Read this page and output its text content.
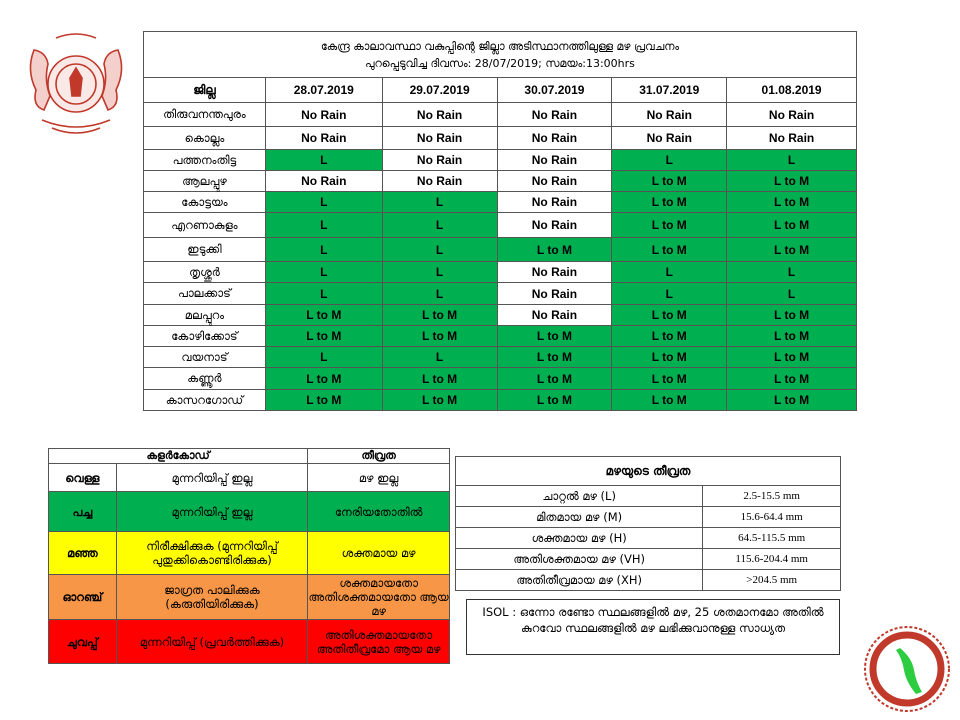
കേന്ദ്ര കാലാവസ്ഥാ വകുപ്പിന്റെ ജില്ലാ അടിസ്ഥാനത്തിലുള്ള മഴ പ്രവചനം
പുറപ്പെടുവിച്ച ദിവസം: 28/07/2019; സമയം:13:00hrs					

ജില്ല	28.07.2019	29.07.2019	30.07.2019	31.07.2019	01.08.2019
തിരുവനന്തപുരം	No Rain	No Rain	No Rain	No Rain	No Rain
കൊല്ലം	No Rain	No Rain	No Rain	No Rain	No Rain
പത്തനംതിട്ട	L	No Rain	No Rain	L	L
ആലപ്പുഴ	No Rain	No Rain	No Rain	L to M	L to M
കോട്ടയം	L	L	No Rain	L to M	L to M
എറണാകുളം	L	L	No Rain	L to M	L to M
ഇടുക്കി	L	L	L to M	L to M	L to M
തൃശ്ശൂർ	L	L	No Rain	L	L
പാലക്കാട്	L	L	No Rain	L	L
മലപ്പുറം	L to M	L to M	No Rain	L to M	L to M
കോഴിക്കോട്	L to M	L to M	L to M	L to M	L to M
വയനാട്	L	L	L to M	L to M	L to M
കണ്ണൂർ	L to M	L to M	L to M	L to M	L to M
കാസറഗോഡ്	L to M	L to M	L to M	L to M	L to M
കളർകോഡ്		തീവ്രത
വെള്ള	മുന്നറിയിപ്പ് ഇല്ല	മഴ ഇല്ല
പച്ച	മുന്നറിയിപ്പ് ഇല്ല	നേരിയതോതിൽ
മഞ്ഞ	നിരീക്ഷിക്കുക (മുന്നറിയിപ്പ് പുതുക്കികൊണ്ടിരിക്കുക)	ശക്തമായ മഴ
ഓറഞ്ച്	ജാഗ്രത പാലിക്കുക (കരുതിയിരിക്കുക)	ശക്തമായതോ അതിശക്തമായതോ ആയ മഴ
ചുവപ്പ്	മുന്നറിയിപ്പ് (പ്രവർത്തിക്കുക)	അതിശക്തമായതോ അതിതീവ്രമോ ആയ മഴ
മഴയുടെ തീവ്രത	
ചാറ്റൽ മഴ (L)	2.5-15.5 mm
മിതമായ മഴ (M)	15.6-64.4 mm
ശക്തമായ മഴ (H)	64.5-115.5 mm
അതിശക്തമായ മഴ (VH)	115.6-204.4 mm
അതിതീവ്രമായ മഴ (XH)	>204.5 mm
ISOL : ഒന്നോ രണ്ടോ സ്ഥലങ്ങളിൽ മഴ, 25 ശതമാനമോ അതിൽ കുറവോ സ്ഥലങ്ങളിൽ മഴ ലഭിക്കുവാനുള്ള സാധ്യത
